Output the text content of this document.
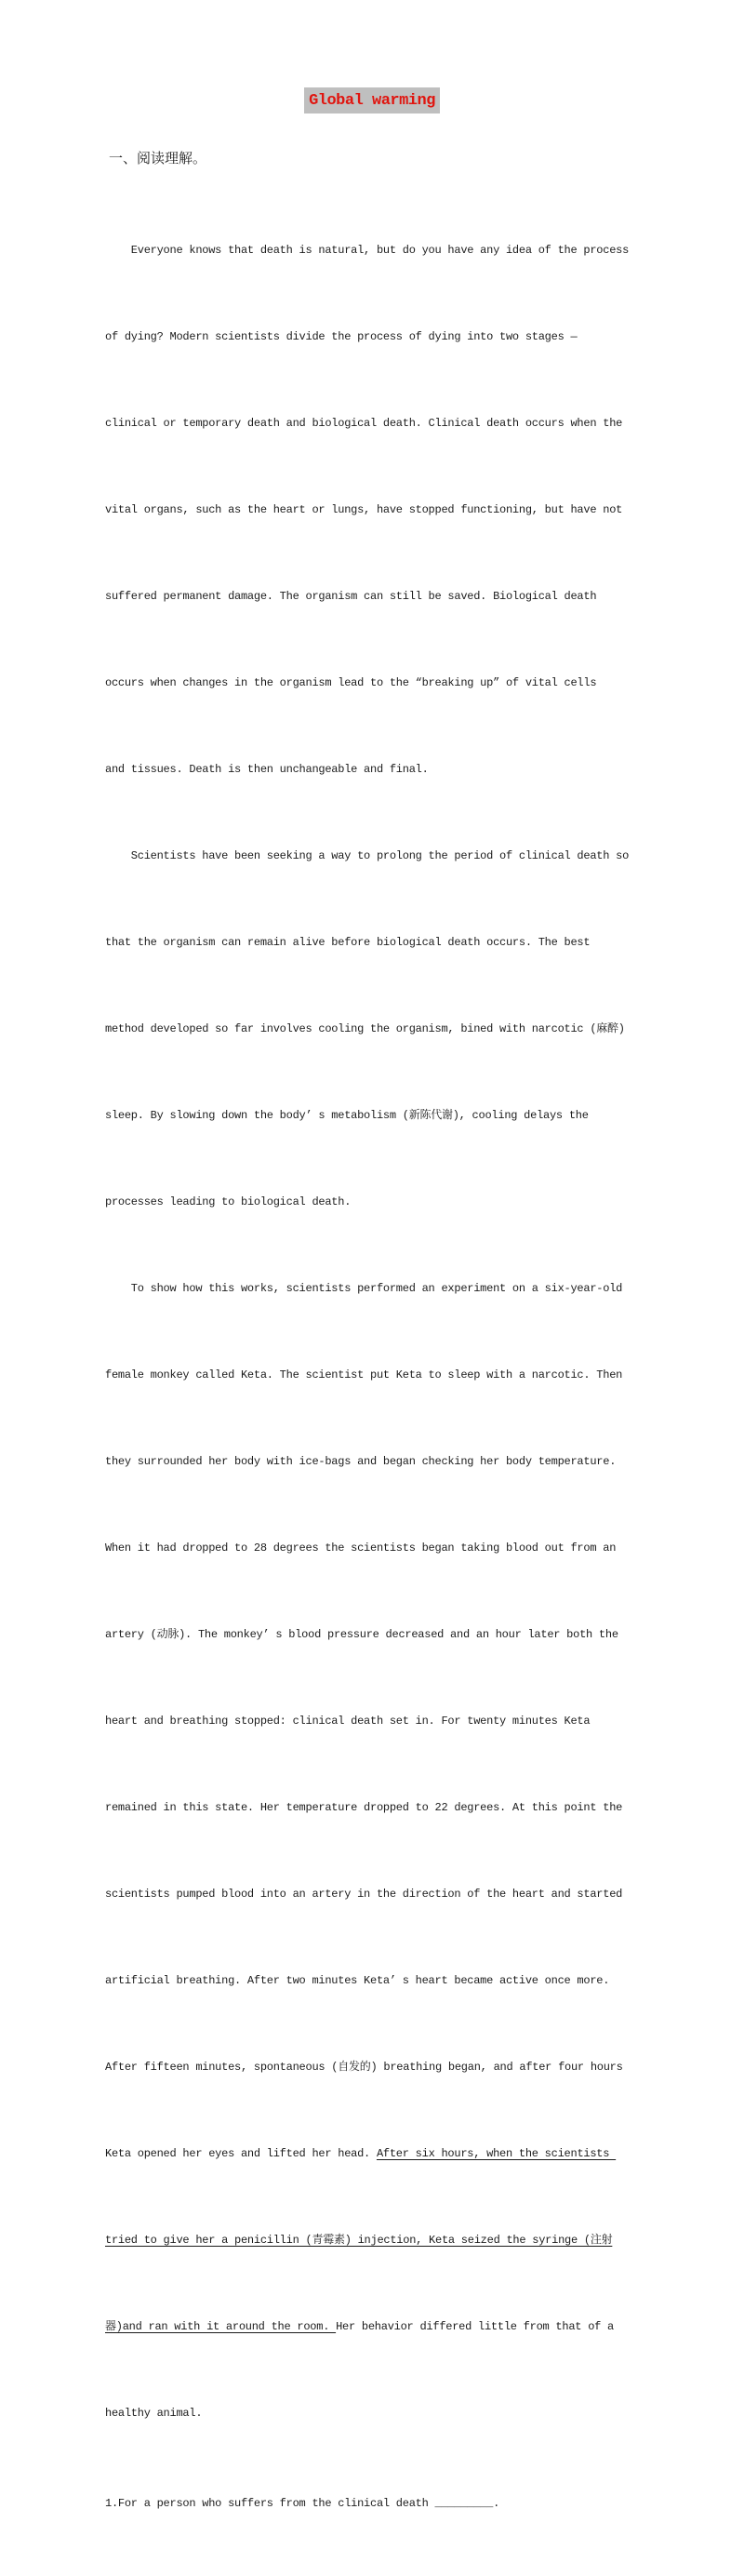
Global warming
一、阅读理解。

Everyone knows that death is natural, but do you have any idea of the process

of dying? Modern scientists divide the process of dying into two stages —

clinical or temporary death and biological death. Clinical death occurs when the

vital organs, such as the heart or lungs, have stopped functioning, but have not

suffered permanent damage. The organism can still be saved. Biological death

occurs when changes in the organism lead to the “breaking up” of vital cells

and tissues. Death is then unchangeable and final.

Scientists have been seeking a way to prolong the period of clinical death so

that the organism can remain alive before biological death occurs. The best

method developed so far involves cooling the organism, bined with narcotic (麻醉)

sleep. By slowing down the body’ s metabolism (新陈代谢), cooling delays the

processes leading to biological death.

To show how this works, scientists performed an experiment on a six-year-old

female monkey called Keta. The scientist put Keta to sleep with a narcotic. Then

they surrounded her body with ice-bags and began checking her body temperature.

When it had dropped to 28 degrees the scientists began taking blood out from an

artery (动脉). The monkey’ s blood pressure decreased and an hour later both the

heart and breathing stopped: clinical death set in. For twenty minutes Keta

remained in this state. Her temperature dropped to 22 degrees. At this point the

scientists pumped blood into an artery in the direction of the heart and started

artificial breathing. After two minutes Keta’ s heart became active once more.

After fifteen minutes, spontaneous (自发的) breathing began, and after four hours

Keta opened her eyes and lifted her head. After six hours, when the scientists

tried to give her a penicillin (青霉素) injection, Keta seized the syringe (注射

器)and ran with it around the room. Her behavior differed little from that of a

healthy animal.

1.For a person who suffers from the clinical death _________.
